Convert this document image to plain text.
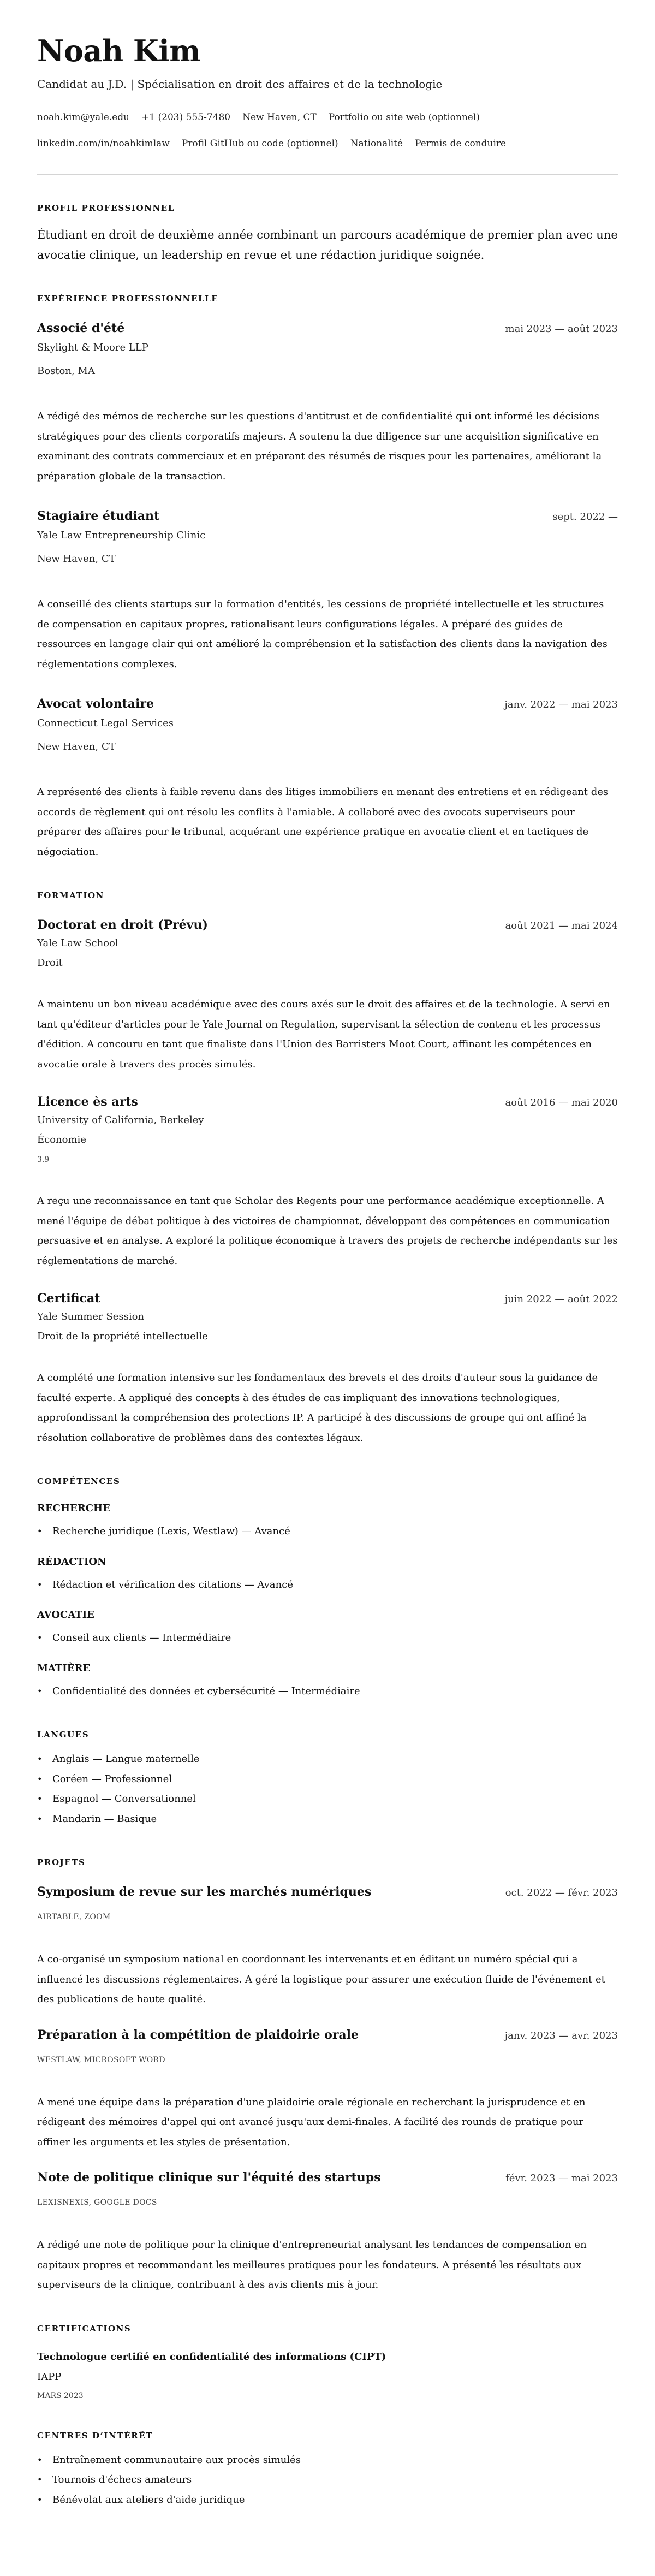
Noah Kim
Candidat au J.D. | Spécialisation en droit des affaires et de la technologie
noah.kim@yale.edu +1 (203) 555-7480 New Haven, CT Portfolio ou site web (optionnel)linkedin.com/in/noahkimlaw Profil GitHub ou code (optionnel) Nationalité Permis de conduire
PROFIL PROFESSIONNEL
Étudiant en droit de deuxième année combinant un parcours académique de premier plan avec une avocatie clinique, un leadership en revue et une rédaction juridique soignée.
EXPÉRIENCE PROFESSIONNELLE
Associé d'été	mai 2023 — août 2023
Skylight & Moore LLP
Boston, MA
A rédigé des mémos de recherche sur les questions d'antitrust et de confidentialité qui ont informé les décisions stratégiques pour des clients corporatifs majeurs. A soutenu la due diligence sur une acquisition significative en examinant des contrats commerciaux et en préparant des résumés de risques pour les partenaires, améliorant la préparation globale de la transaction.
Stagiaire étudiant	sept. 2022 —
Yale Law Entrepreneurship Clinic
New Haven, CT
A conseillé des clients startups sur la formation d'entités, les cessions de propriété intellectuelle et les structures de compensation en capitaux propres, rationalisant leurs configurations légales. A préparé des guides de ressources en langage clair qui ont amélioré la compréhension et la satisfaction des clients dans la navigation des réglementations complexes.
Avocat volontaire	janv. 2022 — mai 2023
Connecticut Legal Services
New Haven, CT
A représenté des clients à faible revenu dans des litiges immobiliers en menant des entretiens et en rédigeant des accords de règlement qui ont résolu les conflits à l'amiable. A collaboré avec des avocats superviseurs pour préparer des affaires pour le tribunal, acquérant une expérience pratique en avocatie client et en tactiques de négociation.
FORMATION
Doctorat en droit (Prévu)	août 2021 — mai 2024
Yale Law School
Droit
A maintenu un bon niveau académique avec des cours axés sur le droit des affaires et de la technologie. A servi en tant qu'éditeur d'articles pour le Yale Journal on Regulation, supervisant la sélection de contenu et les processus d'édition. A concouru en tant que finaliste dans l'Union des Barristers Moot Court, affinant les compétences en avocatie orale à travers des procès simulés.
Licence ès arts	août 2016 — mai 2020
University of California, Berkeley
Économie
3.9
A reçu une reconnaissance en tant que Scholar des Regents pour une performance académique exceptionnelle. A mené l'équipe de débat politique à des victoires de championnat, développant des compétences en communication persuasive et en analyse. A exploré la politique économique à travers des projets de recherche indépendants sur les réglementations de marché.
Certificat	juin 2022 — août 2022
Yale Summer Session
Droit de la propriété intellectuelle
A complété une formation intensive sur les fondamentaux des brevets et des droits d'auteur sous la guidance de faculté experte. A appliqué des concepts à des études de cas impliquant des innovations technologiques, approfondissant la compréhension des protections IP. A participé à des discussions de groupe qui ont affiné la résolution collaborative de problèmes dans des contextes légaux.
COMPÉTENCES
RECHERCHE
• Recherche juridique (Lexis, Westlaw) — Avancé
RÉDACTION
• Rédaction et vérification des citations — Avancé
AVOCATIE
• Conseil aux clients — Intermédiaire
MATIÈRE
• Confidentialité des données et cybersécurité — Intermédiaire
LANGUES
• Anglais — Langue maternelle
• Coréen — Professionnel
• Espagnol — Conversationnel
• Mandarin — Basique
PROJETS
Symposium de revue sur les marchés numériques	oct. 2022 — févr. 2023
AIRTABLE, ZOOM
A co-organisé un symposium national en coordonnant les intervenants et en éditant un numéro spécial qui a influencé les discussions réglementaires. A géré la logistique pour assurer une exécution fluide de l'événement et des publications de haute qualité.
Préparation à la compétition de plaidoirie orale	janv. 2023 — avr. 2023
WESTLAW, MICROSOFT WORD
A mené une équipe dans la préparation d'une plaidoirie orale régionale en recherchant la jurisprudence et en rédigeant des mémoires d'appel qui ont avancé jusqu'aux demi-finales. A facilité des rounds de pratique pour affiner les arguments et les styles de présentation.
Note de politique clinique sur l'équité des startups	févr. 2023 — mai 2023
LEXISNEXIS, GOOGLE DOCS
A rédigé une note de politique pour la clinique d'entrepreneuriat analysant les tendances de compensation en capitaux propres et recommandant les meilleures pratiques pour les fondateurs. A présenté les résultats aux superviseurs de la clinique, contribuant à des avis clients mis à jour.
CERTIFICATIONS
Technologue certifié en confidentialité des informations (CIPT)
IAPP
MARS 2023
CENTRES D’INTÉRÊT
• Entraînement communautaire aux procès simulés
• Tournois d'échecs amateurs
• Bénévolat aux ateliers d'aide juridique
